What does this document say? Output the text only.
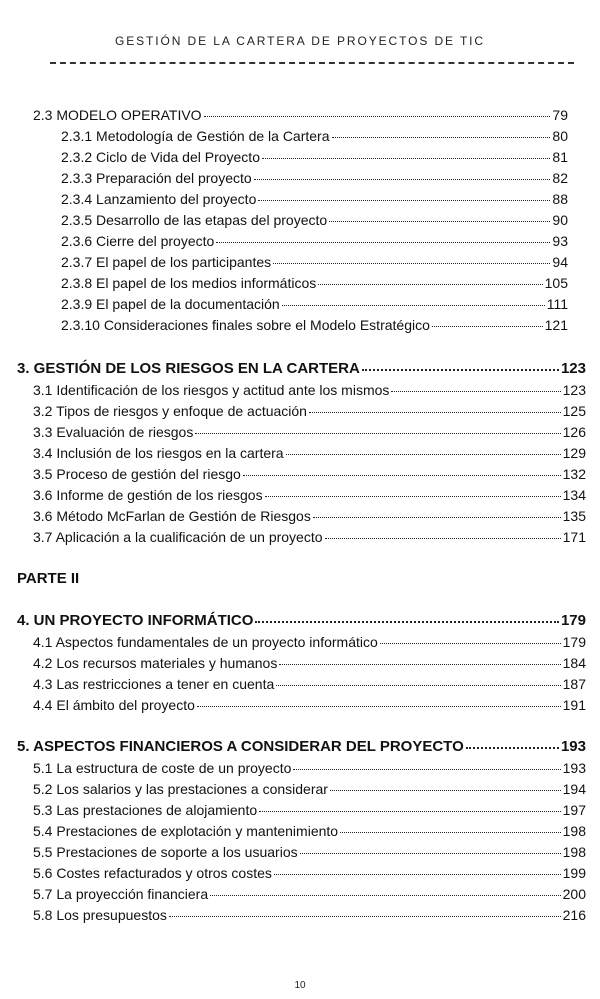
GESTIÓN DE LA CARTERA DE PROYECTOS DE TIC
2.3 MODELO OPERATIVO	79
2.3.1 Metodología de Gestión de la Cartera	80
2.3.2 Ciclo de Vida del Proyecto	81
2.3.3 Preparación del proyecto	82
2.3.4 Lanzamiento del proyecto	88
2.3.5 Desarrollo de las etapas del proyecto	90
2.3.6 Cierre del proyecto	93
2.3.7 El papel de los participantes	94
2.3.8 El papel de los medios informáticos	105
2.3.9 El papel de la documentación	111
2.3.10 Consideraciones finales sobre el Modelo Estratégico	121
3. GESTIÓN DE LOS RIESGOS EN LA CARTERA	123
3.1 Identificación de los riesgos y actitud ante los mismos	123
3.2 Tipos de riesgos y enfoque de actuación	125
3.3 Evaluación de riesgos	126
3.4 Inclusión de los riesgos en la cartera	129
3.5 Proceso de gestión del riesgo	132
3.6 Informe de gestión de los riesgos	134
3.6 Método McFarlan de Gestión de Riesgos	135
3.7 Aplicación a la cualificación de un proyecto	171
PARTE II
4. UN PROYECTO INFORMÁTICO	179
4.1 Aspectos fundamentales de un proyecto informático	179
4.2 Los recursos materiales y humanos	184
4.3 Las restricciones a tener en cuenta	187
4.4 El ámbito del proyecto	191
5. ASPECTOS FINANCIEROS A CONSIDERAR DEL PROYECTO	193
5.1 La estructura de coste de un proyecto	193
5.2 Los salarios y las prestaciones a considerar	194
5.3 Las prestaciones de alojamiento	197
5.4 Prestaciones de explotación y mantenimiento	198
5.5 Prestaciones de soporte a los usuarios	198
5.6 Costes refacturados y otros costes	199
5.7 La proyección financiera	200
5.8 Los presupuestos	216
10
